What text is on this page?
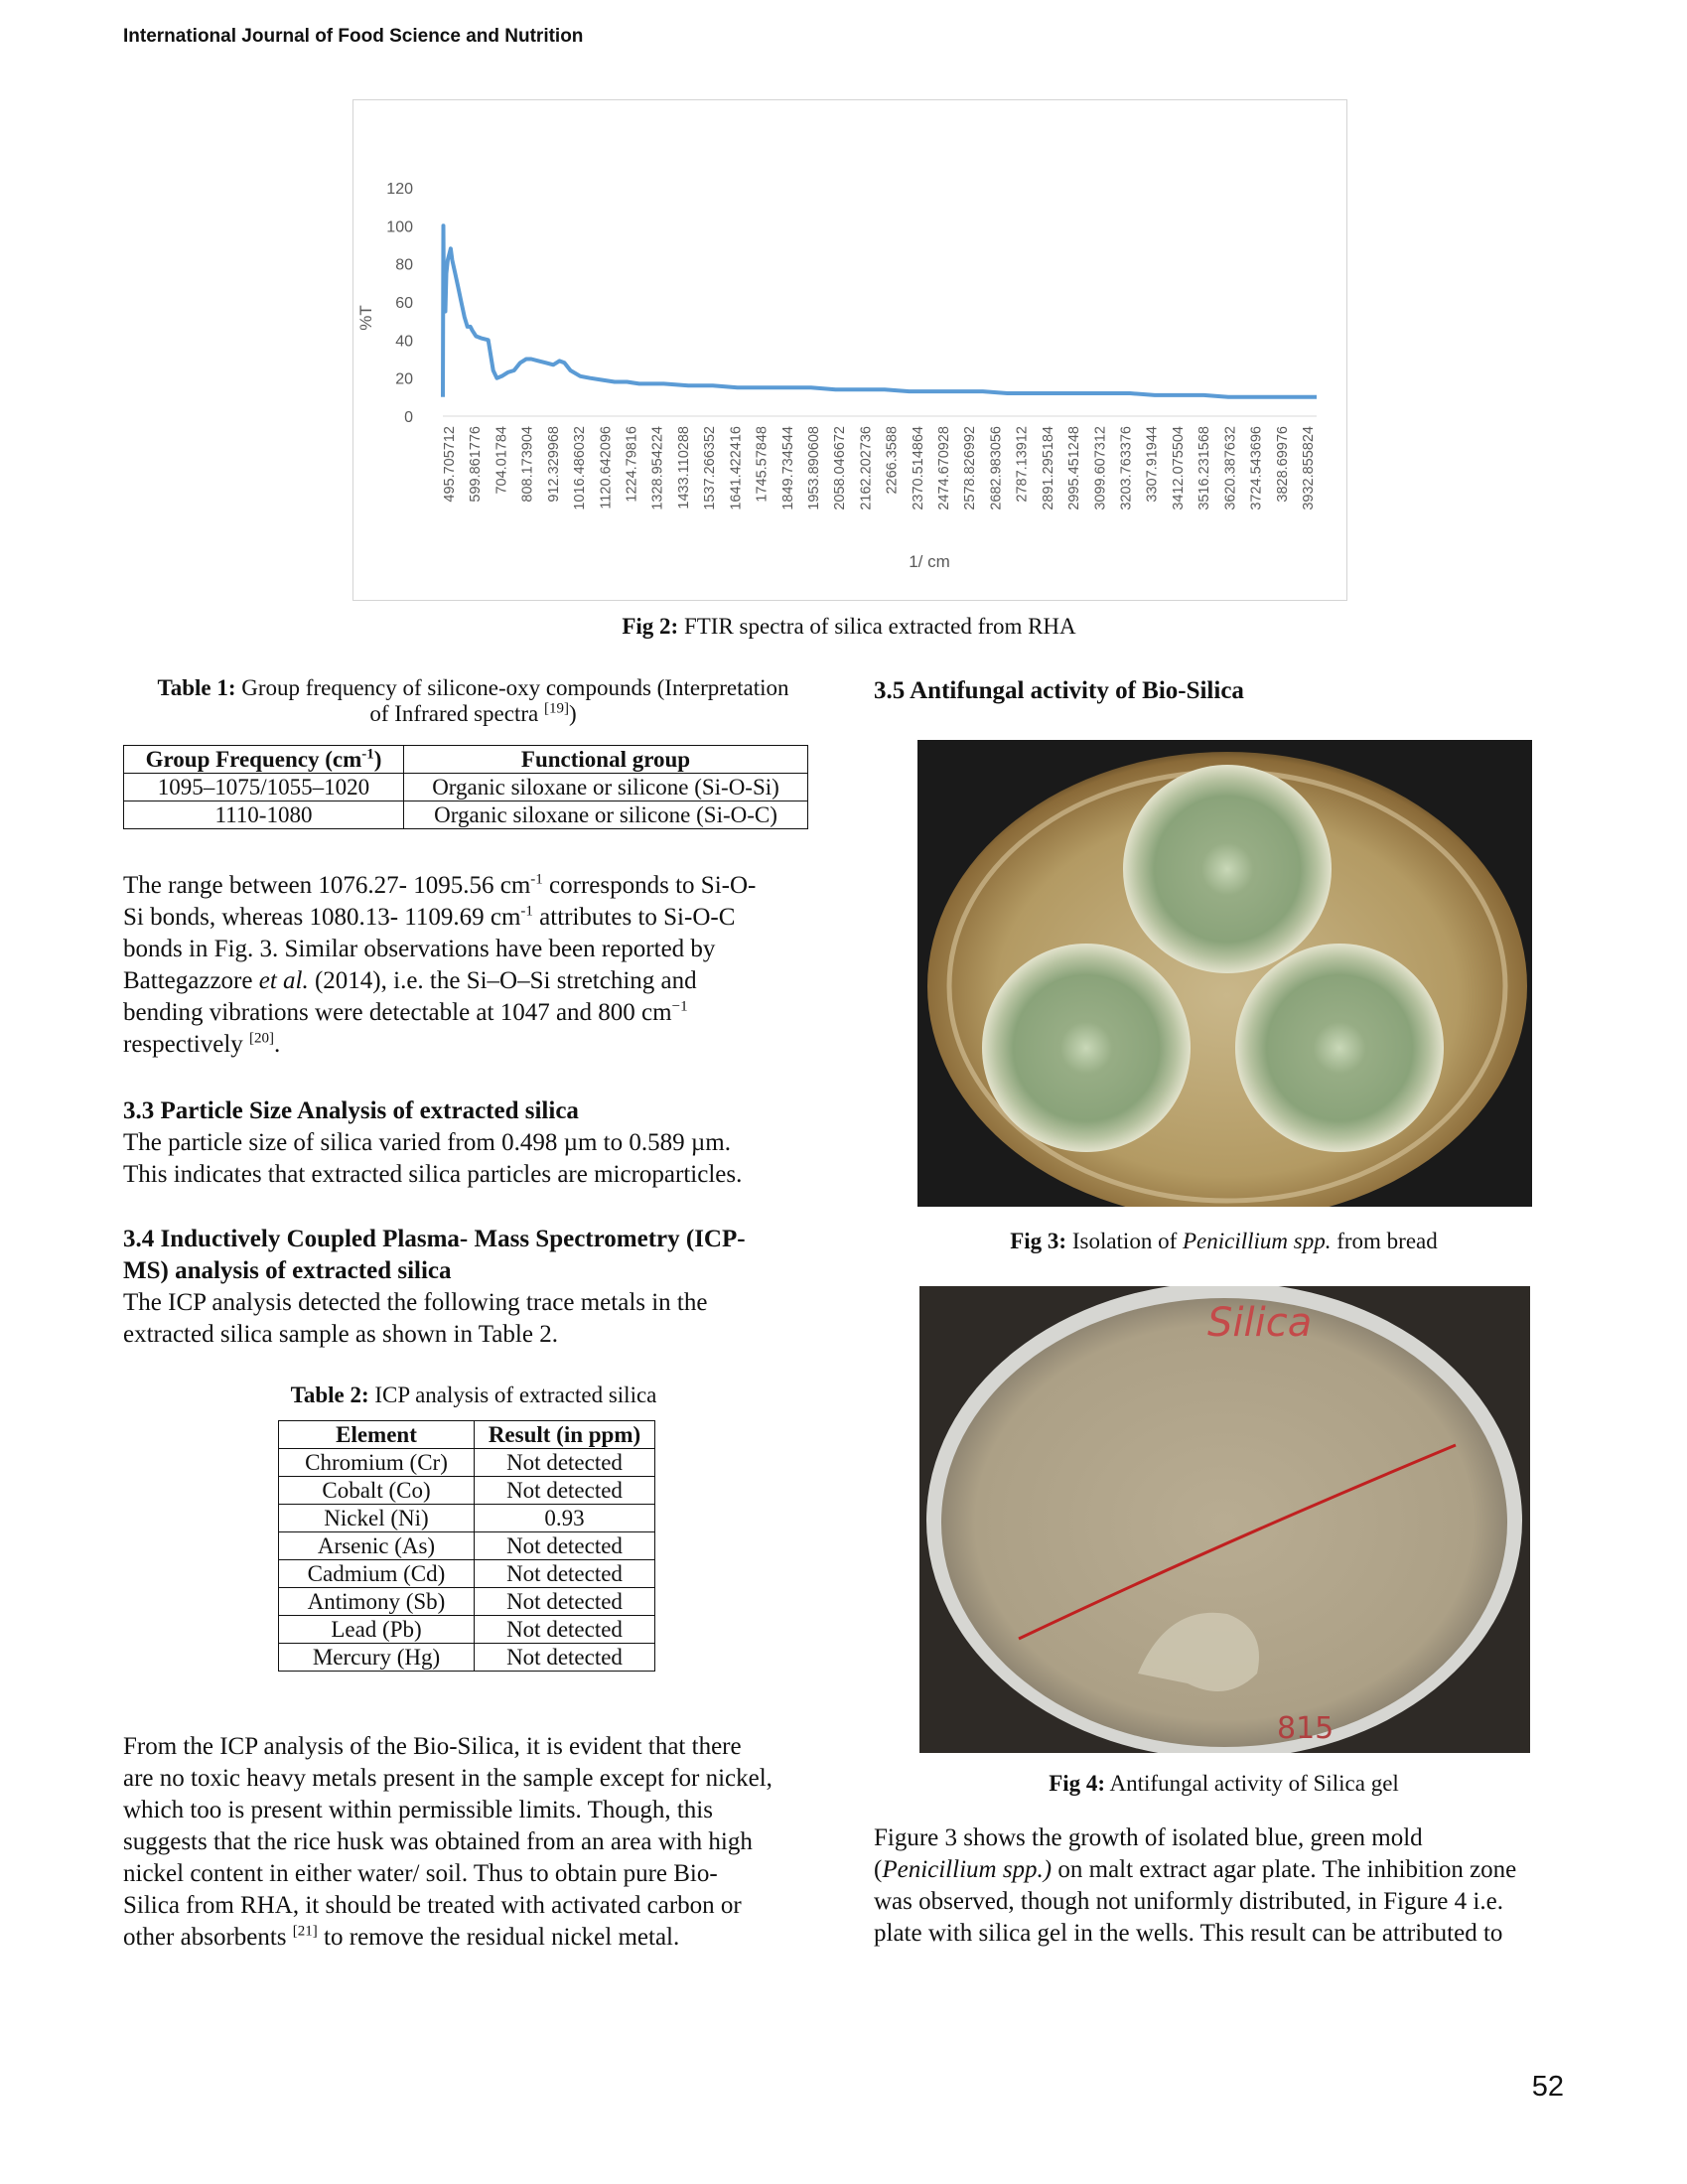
International Journal of Food Science and Nutrition
0
20
40
60
80
100
120
%T
495.705712 599.861776 704.01784 808.173904 912.329968 1016.486032 1120.642096 1224.79816 1328.954224 1433.110288 1537.266352 1641.422416 1745.57848 1849.734544 1953.890608 2058.046672 2162.202736 2266.3588 2370.514864 2474.670928 2578.826992 2682.983056 2787.13912 2891.295184 2995.451248 3099.607312 3203.763376 3307.91944 3412.075504 3516.231568 3620.387632 3724.543696 3828.69976 3932.855824
1/ cm
Fig 2: FTIR spectra of silica extracted from RHA
Table 1: Group frequency of silicone-oxy compounds (Interpretation
of Infrared spectra [19])
Group Frequency $(cm^{-1})$	Functional group
1095–1075/1055–1020	Organic siloxane or silicone (Si-O-Si)
1110-1080	Organic siloxane or silicone (Si-O-C)
The range between 1076.27- 1095.56 $cm^{-1}$ corresponds to Si-O-
Si bonds, whereas 1080.13- 1109.69 $cm^{-1}$ attributes to Si-O-C
bonds in Fig. 3. Similar observations have been reported by
Battegazzore et al. (2014), i.e. the Si–O–Si stretching and
bending vibrations were detectable at 1047 and 800 $cm^{-1}$
respectively [20].
3.3 Particle Size Analysis of extracted silica
The particle size of silica varied from 0.498 µm to 0.589 µm.
This indicates that extracted silica particles are microparticles.
3.4 Inductively Coupled Plasma- Mass Spectrometry (ICP-
MS) analysis of extracted silica
The ICP analysis detected the following trace metals in the
extracted silica sample as shown in Table 2.
Table 2: ICP analysis of extracted silica
Element	Result (in ppm)
Chromium (Cr)	Not detected
Cobalt (Co)	Not detected
Nickel (Ni)	0.93
Arsenic (As)	Not detected
Cadmium (Cd)	Not detected
Antimony (Sb)	Not detected
Lead (Pb)	Not detected
Mercury (Hg)	Not detected
From the ICP analysis of the Bio-Silica, it is evident that there
are no toxic heavy metals present in the sample except for nickel,
which too is present within permissible limits. Though, this
suggests that the rice husk was obtained from an area with high
nickel content in either water/ soil. Thus to obtain pure Bio-
Silica from RHA, it should be treated with activated carbon or
other absorbents [21] to remove the residual nickel metal.
3.5 Antifungal activity of Bio-Silica
Fig 3: Isolation of Penicillium spp. from bread
Silica
815
Fig 4: Antifungal activity of Silica gel
Figure 3 shows the growth of isolated blue, green mold
(Penicillium spp.) on malt extract agar plate. The inhibition zone
was observed, though not uniformly distributed, in Figure 4 i.e.
plate with silica gel in the wells. This result can be attributed to
52
